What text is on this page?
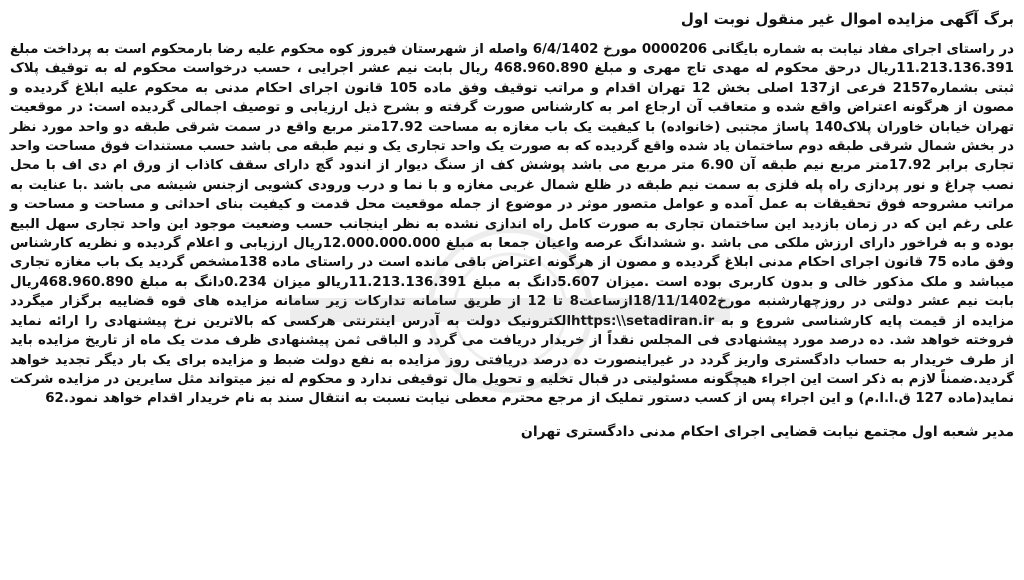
برگ آگهی مزایده اموال غیر منقول نوبت اول

در راستای اجرای مفاد نیابت به شماره بایگانی 0000206 مورخ 6/4/1402 واصله از شهرستان فیروز کوه محکوم علیه رضا بارمحکوم است به پرداخت مبلغ 11.213.136.391ریال درحق محکوم له مهدی تاج مهری و مبلغ 468.960.890 ریال بابت نیم عشر اجرایی ، حسب درخواست محکوم له به توقیف پلاک ثبتی بشماره2157 فرعی از137 اصلی بخش 12 تهران اقدام و مراتب توقیف وفق ماده 105 قانون اجرای احکام مدنی به محکوم علیه ابلاغ گردیده و مصون از هرگونه اعتراض واقع شده و متعاقب آن ارجاع امر به کارشناس صورت گرفته و بشرح ذیل ارزیابی و توصیف اجمالی گردیده است: در موقعیت تهران خیابان خاوران پلاک140 پاساژ مجتبی (خانواده) با کیفیت یک باب مغازه به مساحت 17.92متر مربع واقع در سمت شرقی طبقه دو واحد مورد نظر در بخش شمال شرقی طبقه دوم ساختمان یاد شده واقع گردیده که به صورت یک واحد تجاری یک و نیم طبقه می باشد حسب مستندات فوق مساحت واحد تجاری برابر 17.92متر مربع نیم طبقه آن 6.90 متر مربع می باشد پوشش کف از سنگ دیوار از اندود گچ دارای سقف کاذاب از ورق ام دی اف با محل نصب چراغ و نور پردازی راه پله فلزی به سمت نیم طبقه در ظلع شمال غربی مغازه و با نما و درب ورودی کشویی ازجنس شیشه می باشد .با عنایت به مراتب مشروحه فوق تحقیقات به عمل آمده و عوامل متصور موثر در موضوع از جمله موقعیت محل قدمت و کیفیت بنای احداثی و مساحت و مساحت و علی رغم این که در زمان بازدید این ساختمان تجاری به صورت کامل راه اندازی نشده به نظر اینجانب حسب وضعیت موجود این واحد تجاری سهل البیع بوده و به فراخور دارای ارزش ملکی می باشد .و ششدانگ عرصه واعیان جمعا به مبلغ 12.000.000.000ریال ارزیابی و اعلام گردیده و نظریه کارشناس وفق ماده 75 قانون اجرای احکام مدنی ابلاغ گردیده و مصون از هرگونه اعتراض باقی مانده است در راستای ماده 138مشخص گردید یک باب مغازه تجاری میباشد و ملک مذکور خالی و بدون کاربری بوده است .میزان 5.607دانگ به مبلغ 11.213.136.391ریالو میزان 0.234دانگ به مبلغ 468.960.890ریال بابت نیم عشر دولتی در روزچهارشنبه مورخ18/11/1402ازساعت8 تا 12 از طریق سامانه تدارکات زیر سامانه مزایده های قوه قضاییه برگزار میگردد مزایده از قیمت پایه کارشناسی شروع و به https:\\setadiran.irالکترونیک دولت به آدرس اینترنتی هرکسی که بالاترین نرخ پیشنهادی را ارائه نماید فروخته خواهد شد. ده درصد مورد پیشنهادی فی المجلس نقداً از خریدار دریافت می گردد و الباقی ثمن پیشنهادی ظرف مدت یک ماه از تاریخ مزایده باید از طرف خریدار به حساب دادگستری واریز گردد در غیراینصورت ده درصد دریافتی روز مزایده به نفع دولت ضبط و مزایده برای یک بار دیگر تجدید خواهد گردید.ضمناً لازم به ذکر است این اجراء هیچگونه مسئولیتی در قبال تخلیه و تحویل مال توقیفی ندارد و محکوم له نیز میتواند مثل سایرین در مزایده شرکت نماید(ماده 127 ق.ا.ا.م) و این اجراء پس از کسب دستور تملیک از مرجع محترم معطی نیابت نسبت به انتقال سند به نام خریدار اقدام خواهد نمود.62

مدیر شعبه اول مجتمع نیابت قضایی اجرای احکام مدنی دادگستری تهران
